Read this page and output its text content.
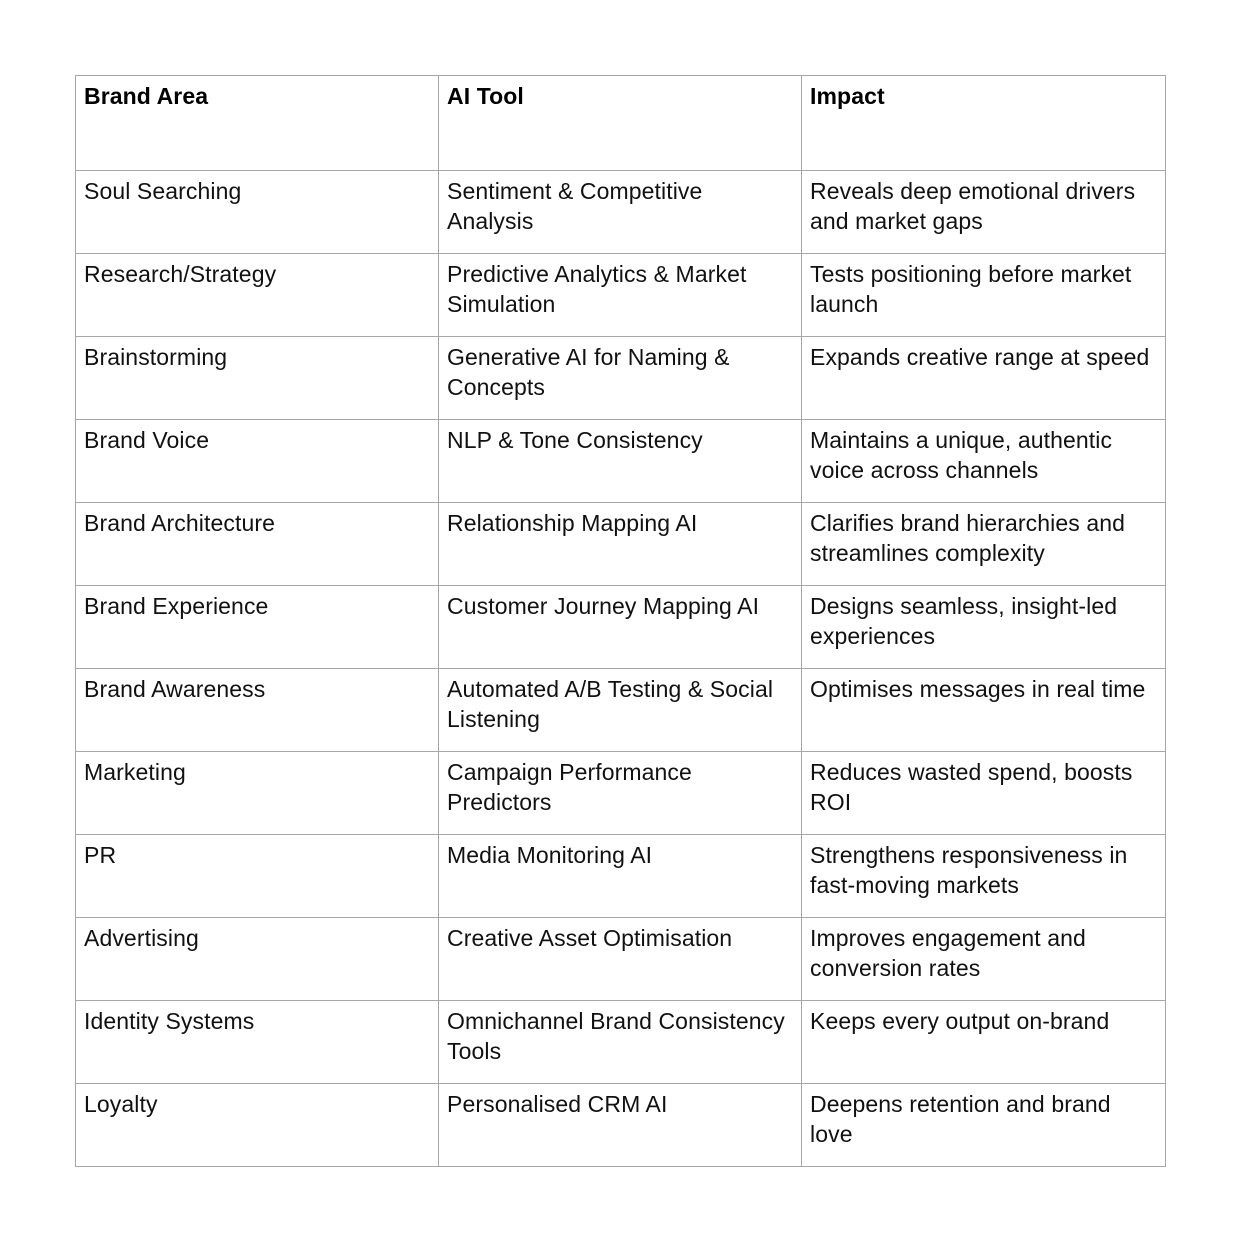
Brand Area	AI Tool	Impact
Soul Searching	Sentiment & Competitive Analysis	Reveals deep emotional drivers and market gaps
Research/Strategy	Predictive Analytics & Market Simulation	Tests positioning before market launch
Brainstorming	Generative AI for Naming & Concepts	Expands creative range at speed
Brand Voice	NLP & Tone Consistency	Maintains a unique, authentic voice across channels
Brand Architecture	Relationship Mapping AI	Clarifies brand hierarchies and streamlines complexity
Brand Experience	Customer Journey Mapping AI	Designs seamless, insight-led experiences
Brand Awareness	Automated A/B Testing & Social Listening	Optimises messages in real time
Marketing	Campaign Performance Predictors	Reduces wasted spend, boosts ROI
PR	Media Monitoring AI	Strengthens responsiveness in fast-moving markets
Advertising	Creative Asset Optimisation	Improves engagement and conversion rates
Identity Systems	Omnichannel Brand Consistency Tools	Keeps every output on-brand
Loyalty	Personalised CRM AI	Deepens retention and brand love
